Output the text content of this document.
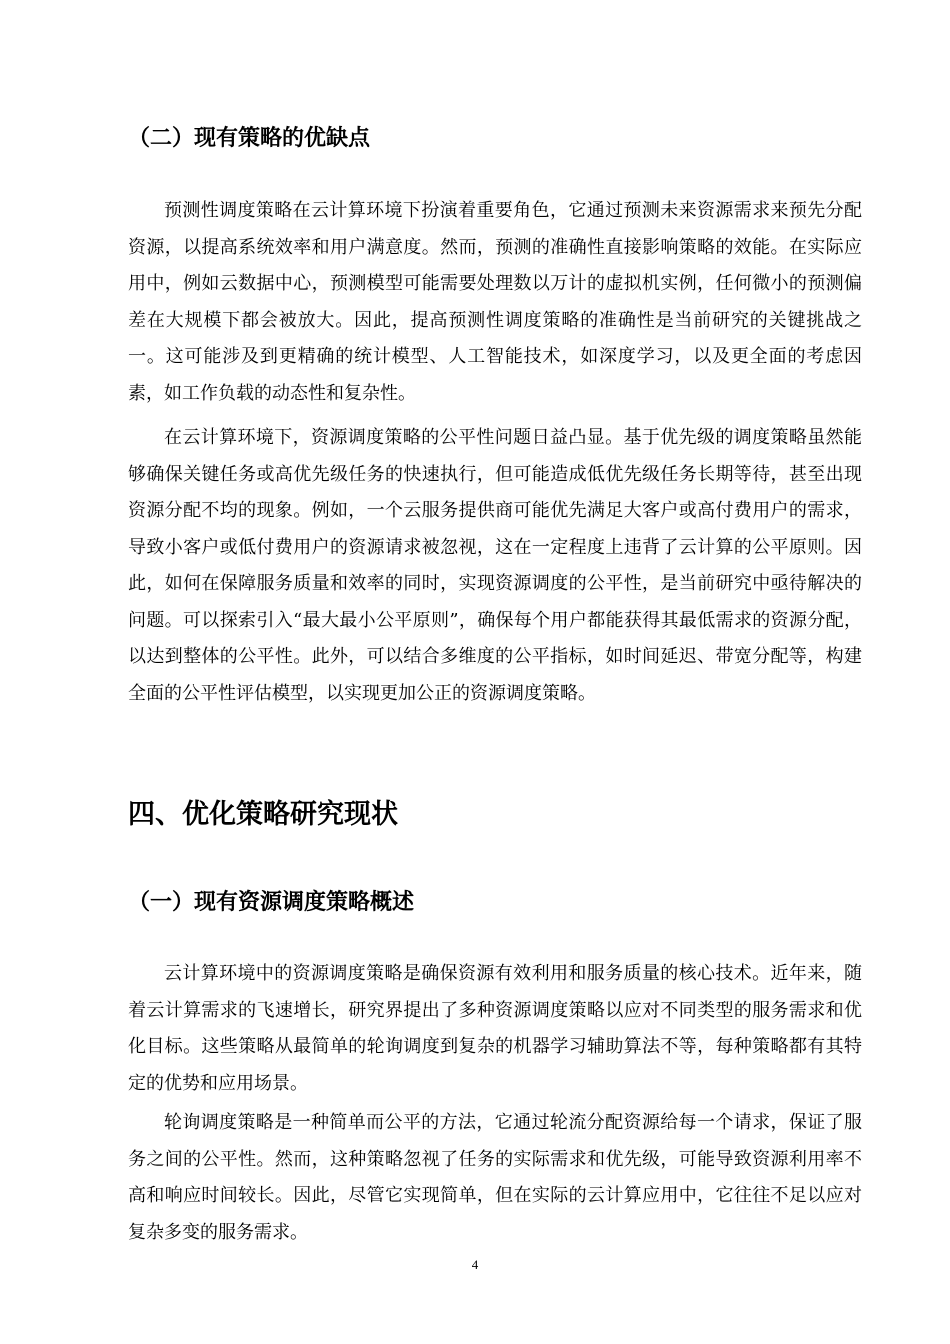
（二）现有策略的优缺点

预测性调度策略在云计算环境下扮演着重要角色，它通过预测未来资源需求来预先分配资源，以提高系统效率和用户满意度。然而，预测的准确性直接影响策略的效能。在实际应用中，例如云数据中心，预测模型可能需要处理数以万计的虚拟机实例，任何微小的预测偏差在大规模下都会被放大。因此，提高预测性调度策略的准确性是当前研究的关键挑战之一。这可能涉及到更精确的统计模型、人工智能技术，如深度学习，以及更全面的考虑因素，如工作负载的动态性和复杂性。

在云计算环境下，资源调度策略的公平性问题日益凸显。基于优先级的调度策略虽然能够确保关键任务或高优先级任务的快速执行，但可能造成低优先级任务长期等待，甚至出现资源分配不均的现象。例如，一个云服务提供商可能优先满足大客户或高付费用户的需求，导致小客户或低付费用户的资源请求被忽视，这在一定程度上违背了云计算的公平原则。因此，如何在保障服务质量和效率的同时，实现资源调度的公平性，是当前研究中亟待解决的问题。可以探索引入“最大最小公平原则”，确保每个用户都能获得其最低需求的资源分配，以达到整体的公平性。此外，可以结合多维度的公平指标，如时间延迟、带宽分配等，构建全面的公平性评估模型，以实现更加公正的资源调度策略。

四、优化策略研究现状
（一）现有资源调度策略概述

云计算环境中的资源调度策略是确保资源有效利用和服务质量的核心技术。近年来，随着云计算需求的飞速增长，研究界提出了多种资源调度策略以应对不同类型的服务需求和优化目标。这些策略从最简单的轮询调度到复杂的机器学习辅助算法不等，每种策略都有其特定的优势和应用场景。

轮询调度策略是一种简单而公平的方法，它通过轮流分配资源给每一个请求，保证了服务之间的公平性。然而，这种策略忽视了任务的实际需求和优先级，可能导致资源利用率不高和响应时间较长。因此，尽管它实现简单，但在实际的云计算应用中，它往往不足以应对复杂多变的服务需求。

4
